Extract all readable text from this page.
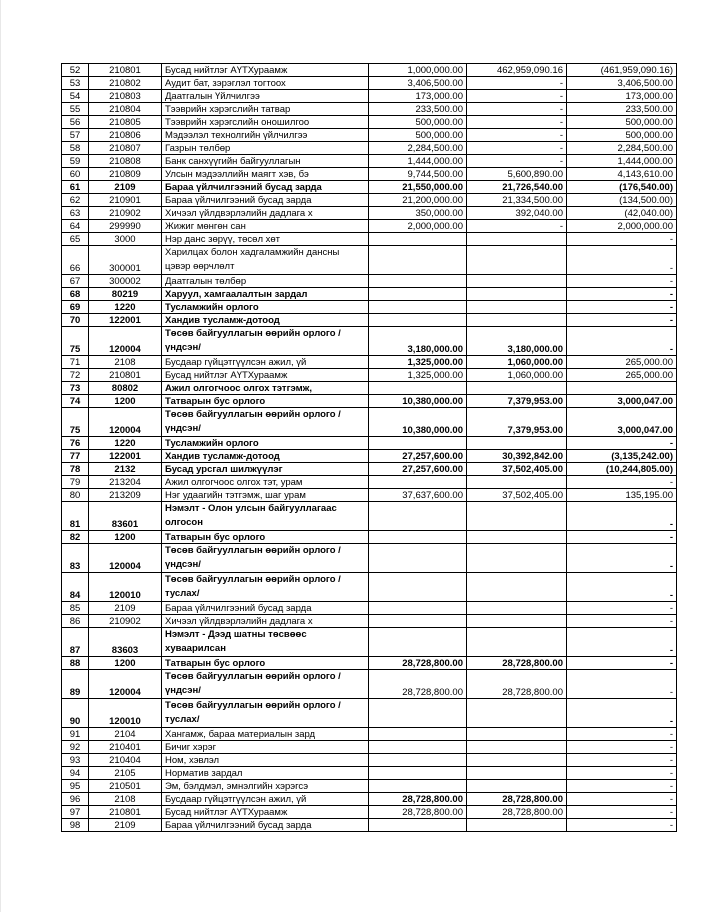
52	210801	Бусад нийтлэг АҮТХураамж	1,000,000.00	462,959,090.16	(461,959,090.16)
53	210802	Аудит бат, зэрэглэл тогтоох	3,406,500.00	-	3,406,500.00
54	210803	Даатгалын Үйлчилгээ	173,000.00	-	173,000.00
55	210804	Тээврийн хэрэгслийн татвар	233,500.00	-	233,500.00
56	210805	Тээврийн хэрэгслийн оношилгоо	500,000.00	-	500,000.00
57	210806	Мэдээлэл технолгийн үйлчилгээ	500,000.00	-	500,000.00
58	210807	Газрын төлбөр	2,284,500.00	-	2,284,500.00
59	210808	Банк санхүүгийн байгууллагын	1,444,000.00	-	1,444,000.00
60	210809	Улсын мэдээллийн маягт хэв, бэ	9,744,500.00	5,600,890.00	4,143,610.00
61	2109	Бараа үйлчилгээний бусад зарда	21,550,000.00	21,726,540.00	(176,540.00)
62	210901	Бараа үйлчилгээний бусад зарда	21,200,000.00	21,334,500.00	(134,500.00)
63	210902	Хичээл үйлдвэрлэлийн дадлага х	350,000.00	392,040.00	(42,040.00)
64	299990	Жижиг мөнгөн сан	2,000,000.00	-	2,000,000.00
65	3000	Нэр данс зөрүү, төсөл хөт			-
66	300001	Харилцах болон хадгаламжийн дансны цэвэр өөрчлөлт			-
67	300002	Даатгалын төлбөр			-
68	80219	Харуул, хамгаалалтын зардал			-
69	1220	Тусламжийн орлого			-
70	122001	Хандив тусламж-дотоод			-
75	120004	Төсөв байгууллагын өөрийн орлого /үндсэн/	3,180,000.00	3,180,000.00	-
71	2108	Бусдаар гүйцэтгүүлсэн ажил, үй	1,325,000.00	1,060,000.00	265,000.00
72	210801	Бусад нийтлэг АҮТХураамж	1,325,000.00	1,060,000.00	265,000.00
73	80802	Ажил олгогчоос олгох тэтгэмж,			
74	1200	Татварын бус орлого	10,380,000.00	7,379,953.00	3,000,047.00
75	120004	Төсөв байгууллагын өөрийн орлого /үндсэн/	10,380,000.00	7,379,953.00	3,000,047.00
76	1220	Тусламжийн орлого			-
77	122001	Хандив тусламж-дотоод	27,257,600.00	30,392,842.00	(3,135,242.00)
78	2132	Бусад урсгал шилжүүлэг	27,257,600.00	37,502,405.00	(10,244,805.00)
79	213204	Ажил олгогчоос олгох тэт, урам			-
80	213209	Нэг удаагийн тэтгэмж, шаг урам	37,637,600.00	37,502,405.00	135,195.00
81	83601	Нэмэлт - Олон улсын байгууллагаас олгосон			-
82	1200	Татварын бус орлого			-
83	120004	Төсөв байгууллагын өөрийн орлого /үндсэн/			-
84	120010	Төсөв байгууллагын өөрийн орлого /туслах/			-
85	2109	Бараа үйлчилгээний бусад зарда			-
86	210902	Хичээл үйлдвэрлэлийн дадлага х			-
87	83603	Нэмэлт - Дээд шатны төсвөөс хуваарилсан			-
88	1200	Татварын бус орлого	28,728,800.00	28,728,800.00	-
89	120004	Төсөв байгууллагын өөрийн орлого /үндсэн/	28,728,800.00	28,728,800.00	-
90	120010	Төсөв байгууллагын өөрийн орлого /туслах/			-
91	2104	Хангамж, бараа материалын зард			-
92	210401	Бичиг хэрэг			-
93	210404	Ном, хэвлэл			-
94	2105	Норматив зардал			-
95	210501	Эм, бэлдмэл, эмнэлгийн хэрэгсэ			-
96	2108	Бусдаар гүйцэтгүүлсэн ажил, үй	28,728,800.00	28,728,800.00	-
97	210801	Бусад нийтлэг АҮТХураамж	28,728,800.00	28,728,800.00	-
98	2109	Бараа үйлчилгээний бусад зарда			-
